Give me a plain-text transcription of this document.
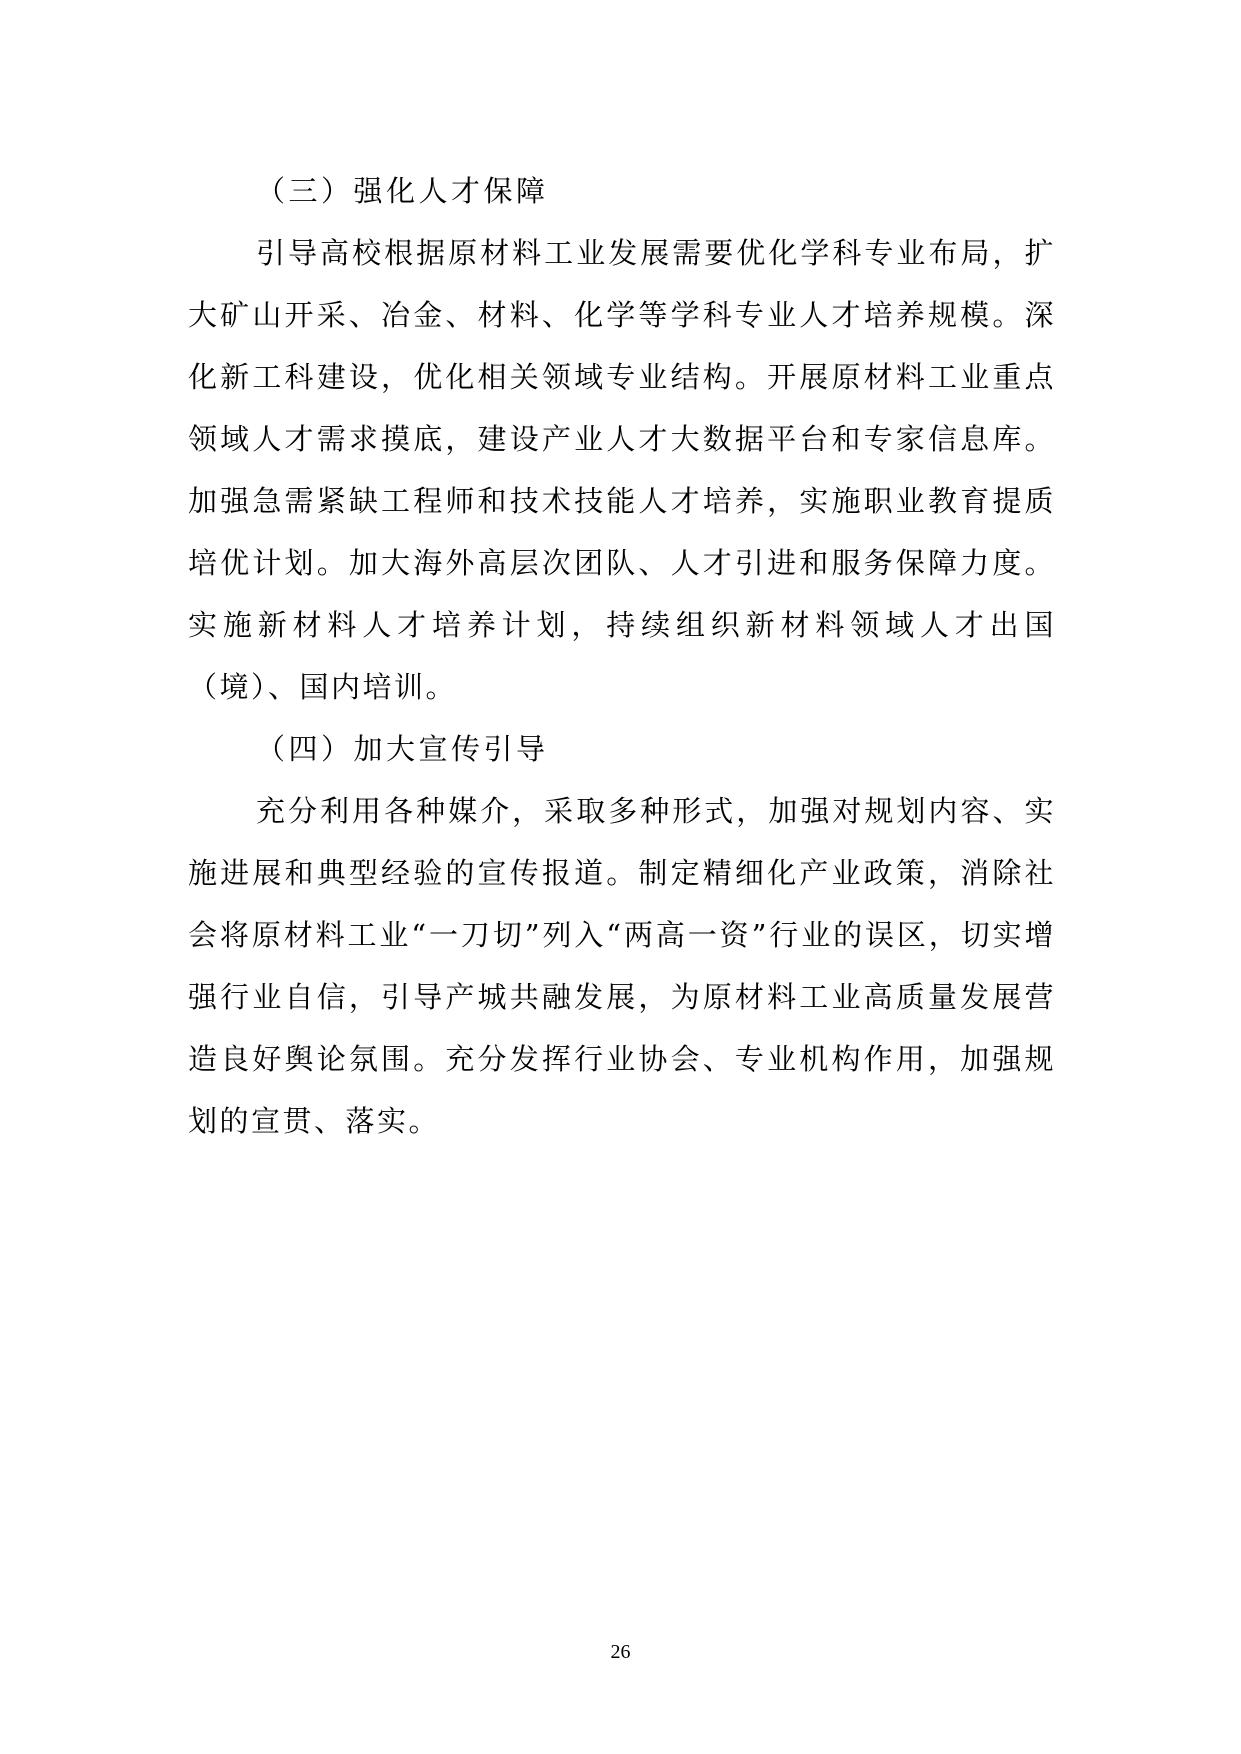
（三）强化人才保障

引导高校根据原材料工业发展需要优化学科专业布局，扩大矿山开采、冶金、材料、化学等学科专业人才培养规模。深化新工科建设，优化相关领域专业结构。开展原材料工业重点领域人才需求摸底，建设产业人才大数据平台和专家信息库。加强急需紧缺工程师和技术技能人才培养，实施职业教育提质培优计划。加大海外高层次团队、人才引进和服务保障力度。实施新材料人才培养计划，持续组织新材料领域人才出国（境）、国内培训。

（四）加大宣传引导

充分利用各种媒介，采取多种形式，加强对规划内容、实施进展和典型经验的宣传报道。制定精细化产业政策，消除社会将原材料工业“一刀切”列入“两高一资”行业的误区，切实增强行业自信，引导产城共融发展，为原材料工业高质量发展营造良好舆论氛围。充分发挥行业协会、专业机构作用，加强规划的宣贯、落实。

26
